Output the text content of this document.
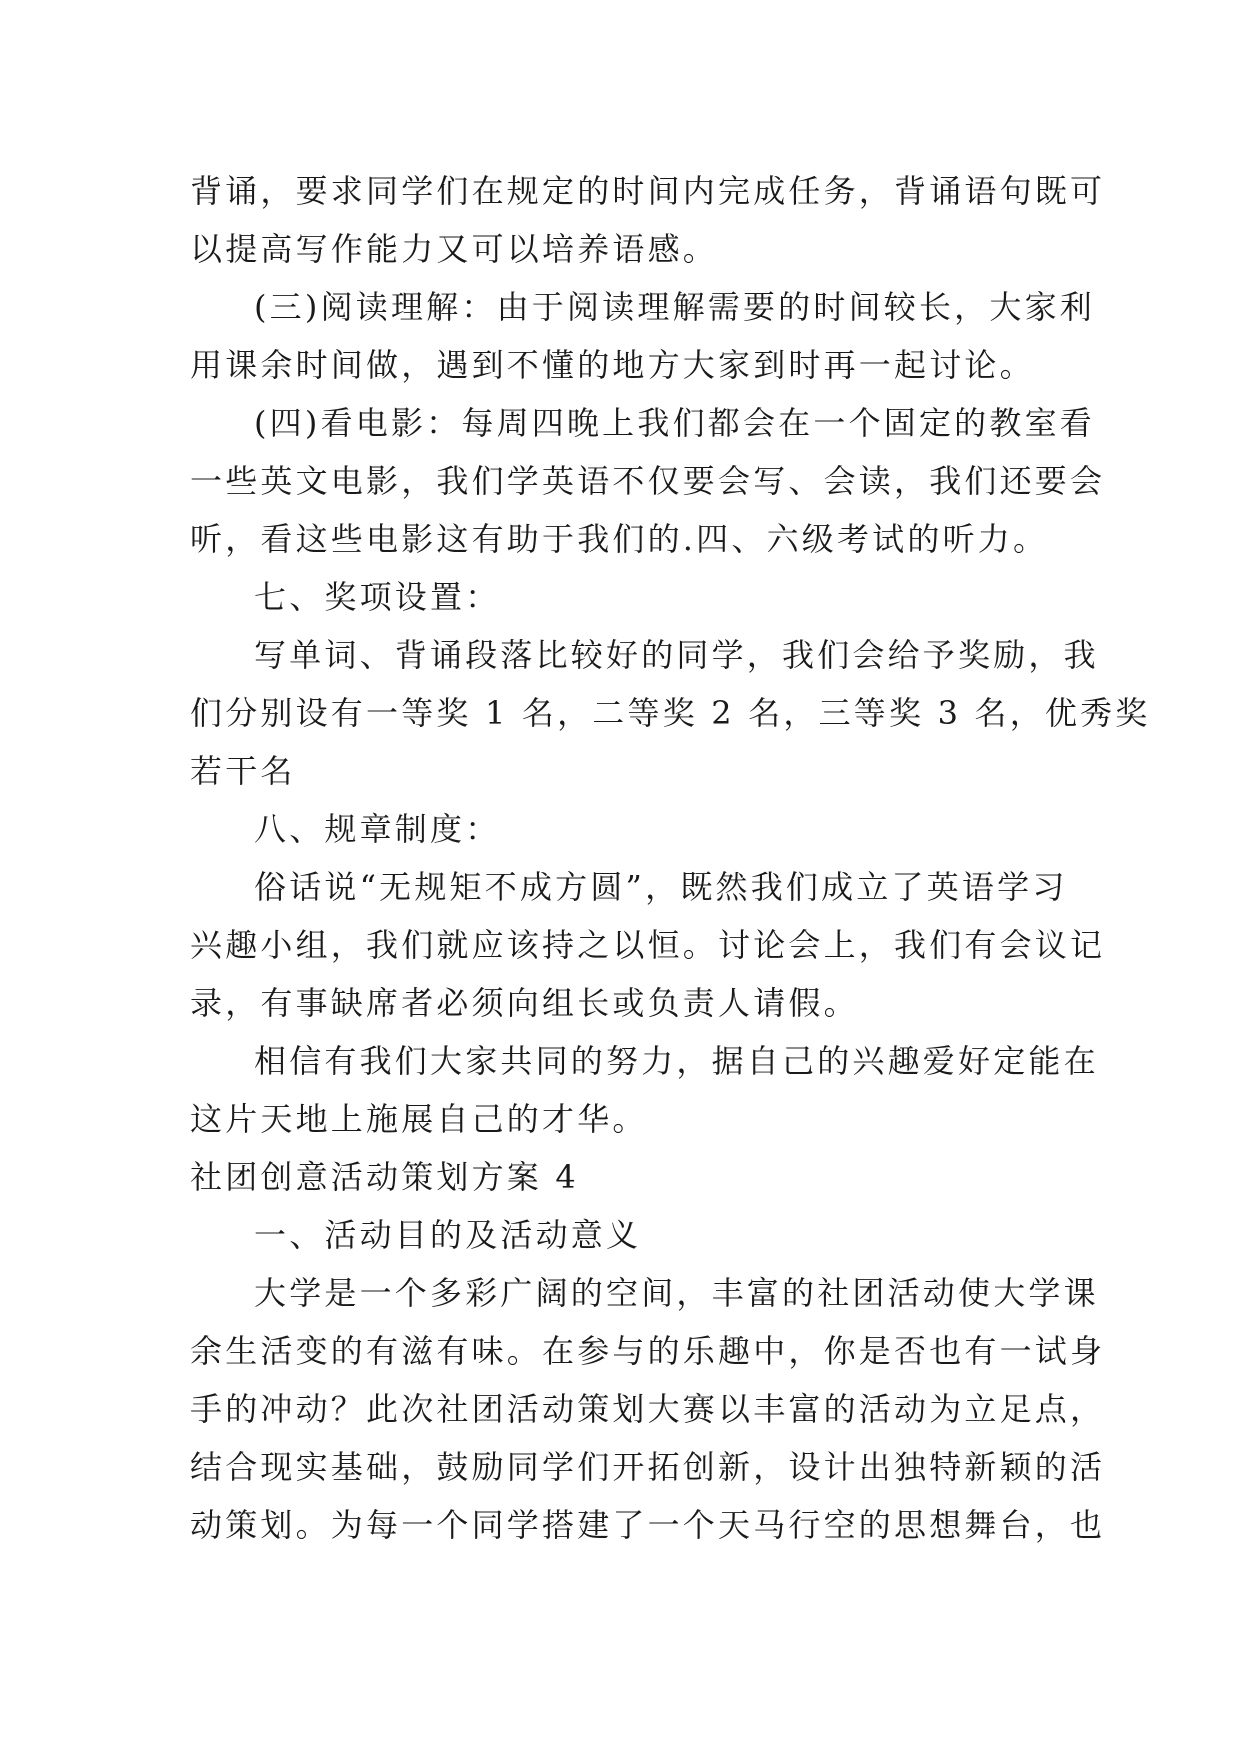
背诵，要求同学们在规定的时间内完成任务，背诵语句既可
以提高写作能力又可以培养语感。
(三)阅读理解：由于阅读理解需要的时间较长，大家利
用课余时间做，遇到不懂的地方大家到时再一起讨论。
(四)看电影：每周四晚上我们都会在一个固定的教室看
一些英文电影，我们学英语不仅要会写、会读，我们还要会
听，看这些电影这有助于我们的.四、六级考试的听力。
七、奖项设置：
写单词、背诵段落比较好的同学，我们会给予奖励，我
们分别设有一等奖 1 名，二等奖 2 名，三等奖 3 名，优秀奖
若干名
八、规章制度：
俗话说“无规矩不成方圆”，既然我们成立了英语学习
兴趣小组，我们就应该持之以恒。讨论会上，我们有会议记
录，有事缺席者必须向组长或负责人请假。
相信有我们大家共同的努力，据自己的兴趣爱好定能在
这片天地上施展自己的才华。
社团创意活动策划方案 4
一、活动目的及活动意义
大学是一个多彩广阔的空间，丰富的社团活动使大学课
余生活变的有滋有味。在参与的乐趣中，你是否也有一试身
手的冲动？此次社团活动策划大赛以丰富的活动为立足点，
结合现实基础，鼓励同学们开拓创新，设计出独特新颖的活
动策划。为每一个同学搭建了一个天马行空的思想舞台，也
